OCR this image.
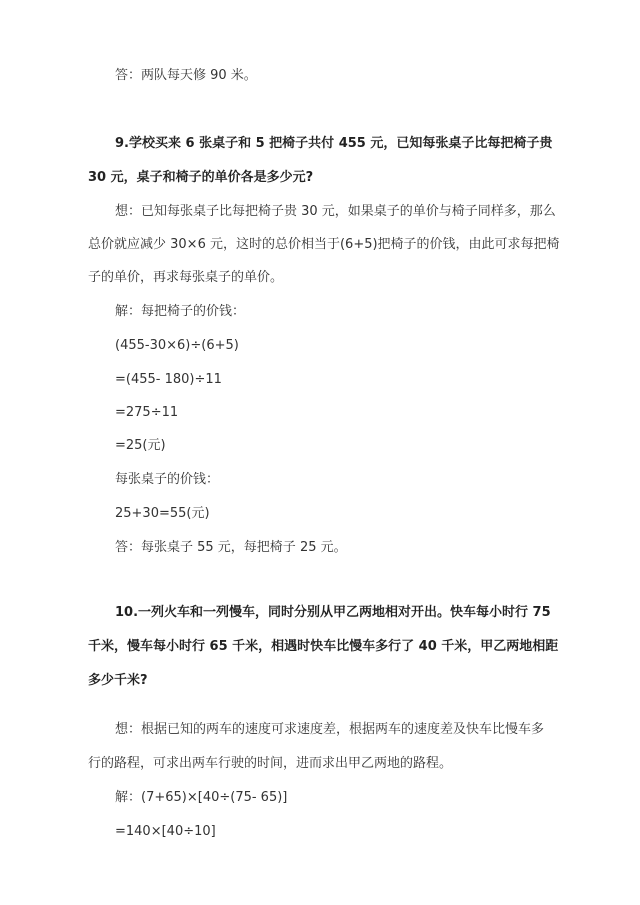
答：两队每天修 90 米。
9.学校买来 6 张桌子和 5 把椅子共付 455 元，已知每张桌子比每把椅子贵
30 元，桌子和椅子的单价各是多少元?
想：已知每张桌子比每把椅子贵 30 元，如果桌子的单价与椅子同样多，那么
总价就应减少 30×6 元，这时的总价相当于(6+5)把椅子的价钱，由此可求每把椅
子的单价，再求每张桌子的单价。
解：每把椅子的价钱：
(455-30×6)÷(6+5)
=(455- 180)÷11
=275÷11
=25(元)
每张桌子的价钱：
25+30=55(元)
答：每张桌子 55 元，每把椅子 25 元。
10.一列火车和一列慢车，同时分别从甲乙两地相对开出。快车每小时行 75
千米，慢车每小时行 65 千米，相遇时快车比慢车多行了 40 千米，甲乙两地相距
多少千米?
想：根据已知的两车的速度可求速度差，根据两车的速度差及快车比慢车多
行的路程，可求出两车行驶的时间，进而求出甲乙两地的路程。
解：(7+65)×[40÷(75- 65)]
=140×[40÷10]
